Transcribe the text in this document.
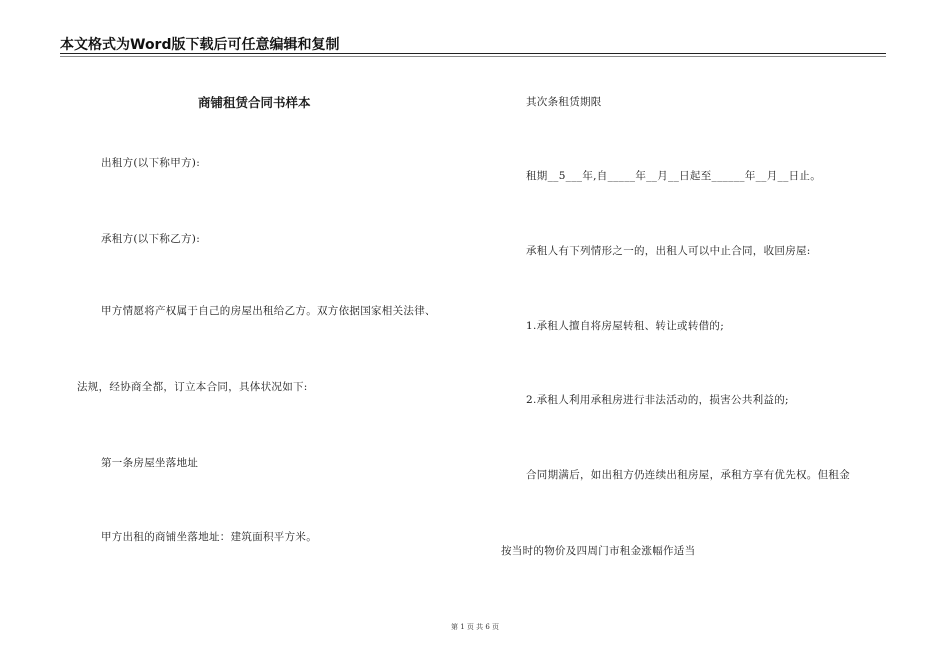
本文格式为Word版下载后可任意编辑和复制
商铺租赁合同书样本
出租方(以下称甲方):
承租方(以下称乙方):
甲方情愿将产权属于自己的房屋出租给乙方。双方依据国家相关法律、
法规，经协商全都，订立本合同，具体状况如下:
第一条房屋坐落地址
甲方出租的商铺坐落地址：建筑面积平方米。
其次条租赁期限
租期__5___年,自_____年__月__日起至______年__月__日止。
承租人有下列情形之一的，出租人可以中止合同，收回房屋:
1.承租人擅自将房屋转租、转让或转借的;
2.承租人利用承租房进行非法活动的，损害公共利益的;
合同期满后，如出租方仍连续出租房屋，承租方享有优先权。但租金
按当时的物价及四周门市租金涨幅作适当
第 1 页 共 6 页
